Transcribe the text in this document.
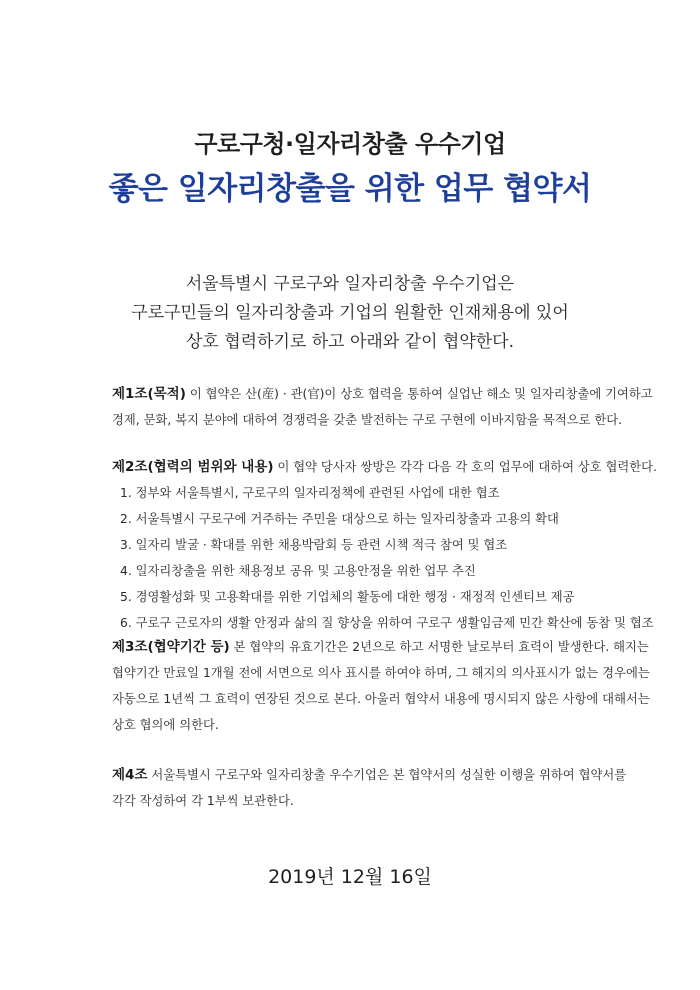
구로구청·일자리창출 우수기업
좋은 일자리창출을 위한 업무 협약서
서울특별시 구로구와 일자리창출 우수기업은
구로구민들의 일자리창출과 기업의 원활한 인재채용에 있어
상호 협력하기로 하고 아래와 같이 협약한다.
제1조(목적) 이 협약은 산(産) · 관(官)이 상호 협력을 통하여 실업난 해소 및 일자리창출에 기여하고
경제, 문화, 복지 분야에 대하여 경쟁력을 갖춘 발전하는 구로 구현에 이바지함을 목적으로 한다.
제2조(협력의 범위와 내용) 이 협약 당사자 쌍방은 각각 다음 각 호의 업무에 대하여 상호 협력한다.
1. 정부와 서울특별시, 구로구의 일자리정책에 관련된 사업에 대한 협조
2. 서울특별시 구로구에 거주하는 주민을 대상으로 하는 일자리창출과 고용의 확대
3. 일자리 발굴 · 확대를 위한 채용박람회 등 관련 시책 적극 참여 및 협조
4. 일자리창출을 위한 채용정보 공유 및 고용안정을 위한 업무 추진
5. 경영활성화 및 고용확대를 위한 기업체의 활동에 대한 행정 · 재정적 인센티브 제공
6. 구로구 근로자의 생활 안정과 삶의 질 향상을 위하여 구로구 생활임금제 민간 확산에 동참 및 협조
제3조(협약기간 등) 본 협약의 유효기간은 2년으로 하고 서명한 날로부터 효력이 발생한다. 해지는
협약기간 만료일 1개월 전에 서면으로 의사 표시를 하여야 하며, 그 해지의 의사표시가 없는 경우에는
자동으로 1년씩 그 효력이 연장된 것으로 본다. 아울러 협약서 내용에 명시되지 않은 사항에 대해서는
상호 협의에 의한다.
제4조 서울특별시 구로구와 일자리창출 우수기업은 본 협약서의 성실한 이행을 위하여 협약서를
각각 작성하여 각 1부씩 보관한다.
2019년 12월 16일
